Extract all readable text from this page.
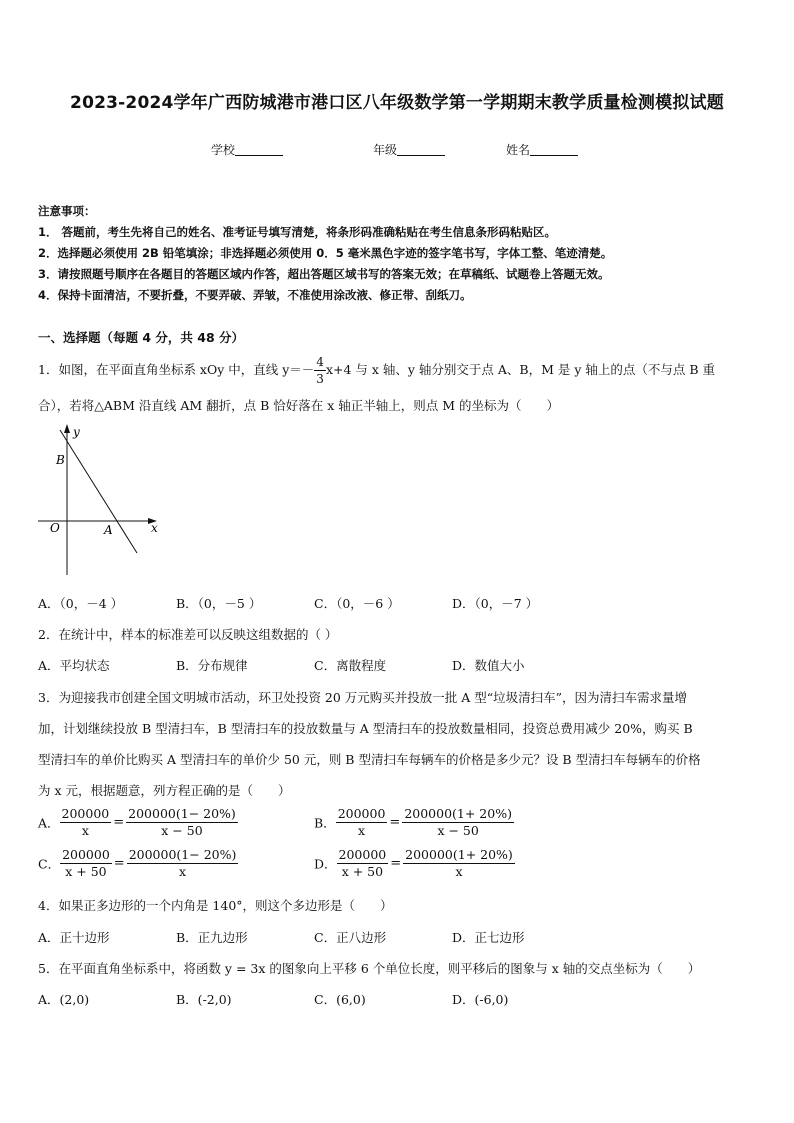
2023-2024学年广西防城港市港口区八年级数学第一学期期末教学质量检测模拟试题
学校	年级	姓名
注意事项：
1． 答题前，考生先将自己的姓名、准考证号填写清楚，将条形码准确粘贴在考生信息条形码粘贴区。
2．选择题必须使用 2B 铅笔填涂；非选择题必须使用 0．5 毫米黑色字迹的签字笔书写，字体工整、笔迹清楚。
3．请按照题号顺序在各题目的答题区域内作答，超出答题区域书写的答案无效；在草稿纸、试题卷上答题无效。
4．保持卡面清洁，不要折叠，不要弄破、弄皱，不准使用涂改液、修正带、刮纸刀。
一、选择题（每题 4 分，共 48 分）
1．如图，在平面直角坐标系 xOy 中，直线 $y=- \frac{4}{3} x+4$ 与 x 轴、y 轴分别交于点 A、B，M 是 y 轴上的点（不与点 B 重
合），若将△ABM 沿直线 AM 翻折，点 B 恰好落在 x 轴正半轴上，则点 M 的坐标为（　　）
y
x
B
O	A
A．（0，－4 ）	B．（0，－5 ）	C．（0，－6 ）	D．（0，－7 ）
2．在统计中，样本的标准差可以反映这组数据的（ ）
A．平均状态	B．分布规律	C．离散程度	D．数值大小
3．为迎接我市创建全国文明城市活动，环卫处投资 20 万元购买并投放一批 A 型“垃圾清扫车”，因为清扫车需求量增
加，计划继续投放 B 型清扫车，B 型清扫车的投放数量与 A 型清扫车的投放数量相同，投资总费用减少 20%，购买 B
型清扫车的单价比购买 A 型清扫车的单价少 50 元，则 B 型清扫车每辆车的价格是多少元？设 B 型清扫车每辆车的价格
为 x 元，根据题意，列方程正确的是（　　）
A． $\frac{200000}{x} = \frac{200000(1- 20\%)}{x - 50}$	B． $\frac{200000}{x} = \frac{200000(1+ 20\%)}{x - 50}$
C． $\frac{200000}{x + 50} = \frac{200000(1- 20\%)}{x}$	D． $\frac{200000}{x + 50} = \frac{200000(1+ 20\%)}{x}$
4．如果正多边形的一个内角是 140°，则这个多边形是（　　）
A．正十边形	B．正九边形	C．正八边形	D．正七边形
5．在平面直角坐标系中，将函数 y = 3x 的图象向上平移 6 个单位长度，则平移后的图象与 x 轴的交点坐标为（　　）
A．(2,0)	B．(-2,0)	C．(6,0)	D．(-6,0)
